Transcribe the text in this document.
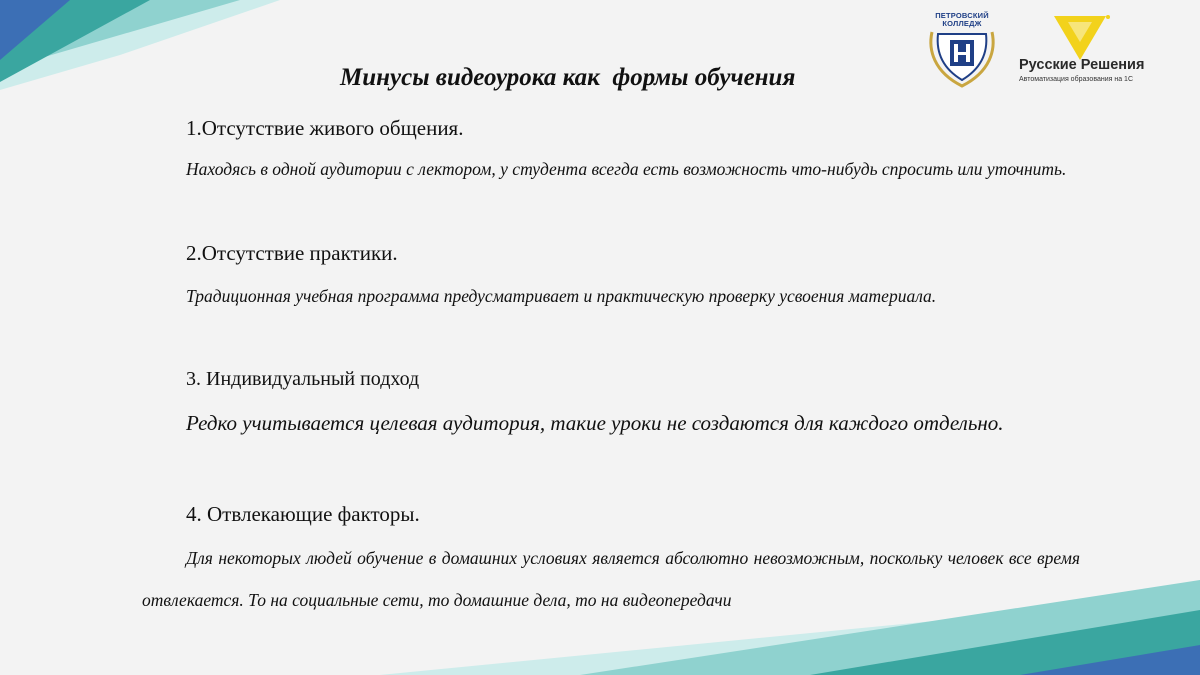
ПЕТРОВСКИЙ
КОЛЛЕДЖ
Русские Решения
Автоматизация образования на 1С
Минусы видеоурока как  формы обучения
1.Отсутствие живого общения.
Находясь в одной аудитории с лектором, у студента всегда есть возможность что-нибудь спросить или уточнить.
2.Отсутствие практики.
Традиционная учебная программа предусматривает и практическую проверку усвоения материала.
3. Индивидуальный подход
Редко учитывается целевая аудитория, такие уроки не создаются для каждого отдельно.
4. Отвлекающие факторы.
Для некоторых людей обучение в домашних условиях является абсолютно невозможным, поскольку человек все время отвлекается. То на социальные сети, то домашние дела, то на видеопередачи
